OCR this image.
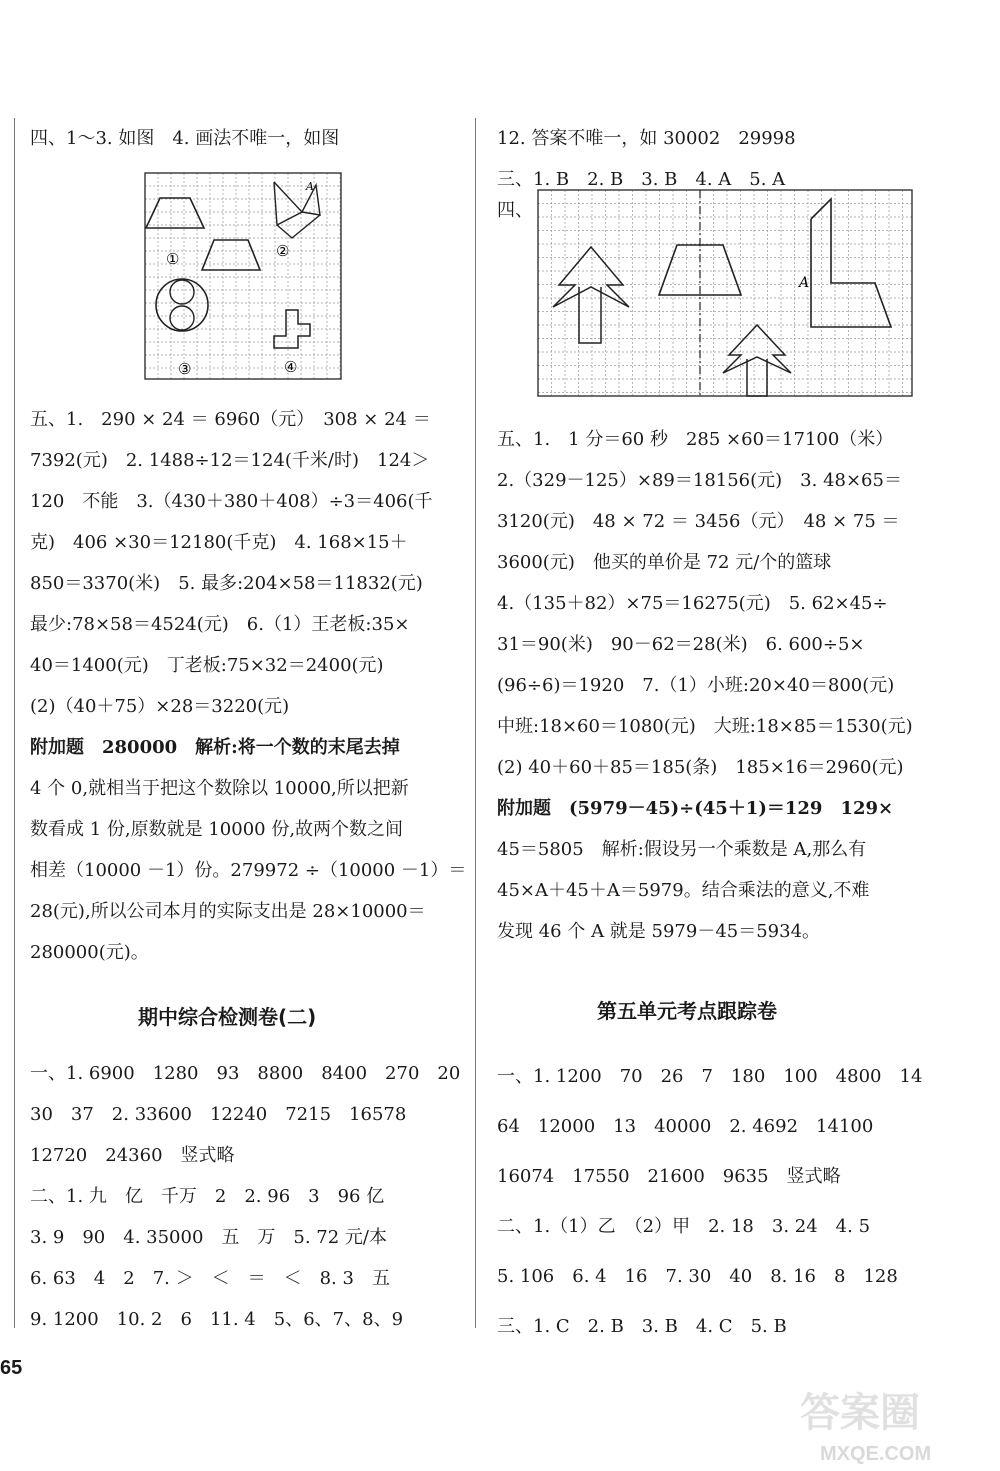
四、1～3. 如图　4. 画法不唯一，如图
①	②
③	④
A
五、1.　290 × 24 ＝ 6960（元）　308 × 24 ＝
7392(元)　2. 1488÷12＝124(千米/时)　124＞
120　不能　3.（430＋380＋408）÷3＝406(千
克)　406 ×30＝12180(千克)　4. 168×15＋
850＝3370(米)　5. 最多:204×58＝11832(元)
最少:78×58＝4524(元)　6.（1）王老板:35×
40＝1400(元)　丁老板:75×32＝2400(元)
(2)（40＋75）×28＝3220(元)
附加题　280000　解析:将一个数的末尾去掉
4 个 0,就相当于把这个数除以 10000,所以把新
数看成 1 份,原数就是 10000 份,故两个数之间
相差（10000 －1）份。279972 ÷（10000 －1）＝
28(元),所以公司本月的实际支出是 28×10000＝
280000(元)。
期中综合检测卷(二)
一、1. 6900　1280　93　8800　8400　270　20
30　37　2. 33600　12240　7215　16578
12720　24360　竖式略
二、1. 九　亿　千万　2　2. 96　3　96 亿
3. 9　90　4. 35000　五　万　5. 72 元/本
6. 63　4　2　7. ＞　＜　＝　＜　8. 3　五
9. 1200　10. 2　6　11. 4　5、6、7、8、9
12. 答案不唯一，如 30002　29998
三、1. B　2. B　3. B　4. A　5. A
四、
A
五、1.　1 分＝60 秒　285 ×60＝17100（米）
2.（329－125）×89＝18156(元)　3. 48×65＝
3120(元)　48 × 72 ＝ 3456（元）　48 × 75 ＝
3600(元)　他买的单价是 72 元/个的篮球
4.（135＋82）×75＝16275(元)　5. 62×45÷
31＝90(米)　90－62＝28(米)　6. 600÷5×
(96÷6)＝1920　7.（1）小班:20×40＝800(元)
中班:18×60＝1080(元)　大班:18×85＝1530(元)
(2) 40＋60＋85＝185(条)　185×16＝2960(元)
附加题　(5979－45)÷(45＋1)＝129　129×
45＝5805　解析:假设另一个乘数是 A,那么有
45×A＋45＋A＝5979。结合乘法的意义,不难
发现 46 个 A 就是 5979－45＝5934。
第五单元考点跟踪卷
一、1. 1200　70　26　7　180　100　4800　14
64　12000　13　40000　2. 4692　14100
16074　17550　21600　9635　竖式略
二、1.（1）乙　（2）甲　2. 18　3. 24　4. 5
5. 106　6. 4　16　7. 30　40　8. 16　8　128
三、1. C　2. B　3. B　4. C　5. B
65
答案圈
MXQE.COM
